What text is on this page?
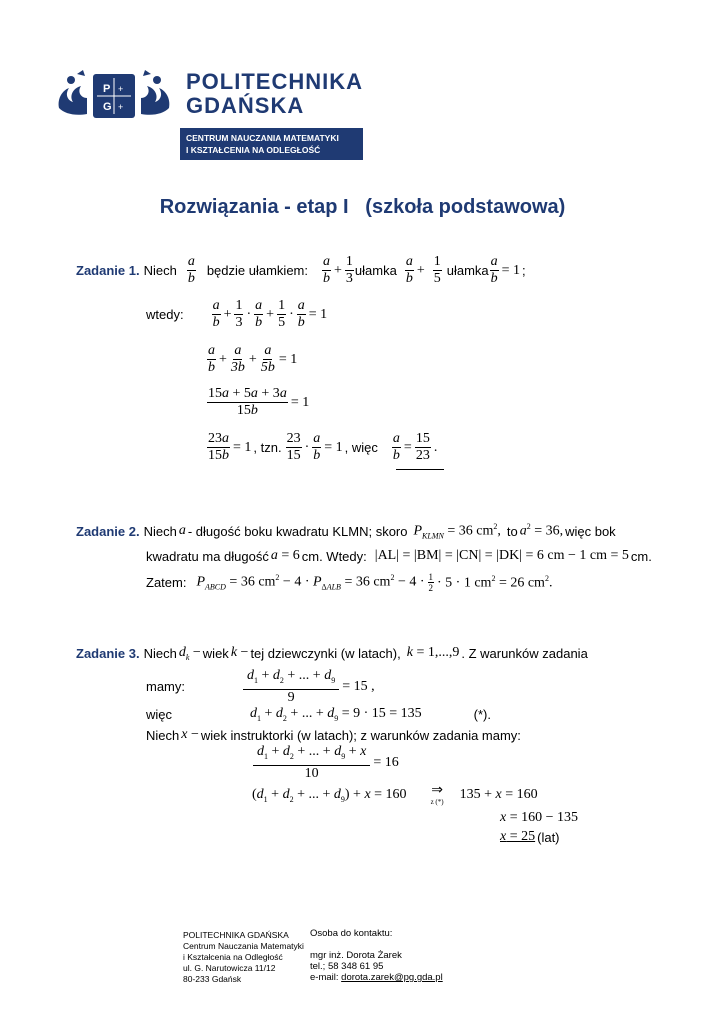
P
G
+
+
POLITECHNIKA
GDAŃSKA
CENTRUM NAUCZANIA MATEMATYKI
I KSZTAŁCENIA NA ODLEGŁOŚĆ
Rozwiązania - etap I   (szkoła podstawowa)
Zadanie 1. Niech $\frac{a}{b}$ będzie ułamkiem: $\frac{a}{b} + \frac{1}{3}$ ułamka $\frac{a}{b} + \frac{1}{5}$ ułamka $\frac{a}{b} = 1$ ;
wtedy: $\frac{a}{b} + \frac{1}{3} \cdot \frac{a}{b} + \frac{1}{5} \cdot \frac{a}{b} = 1$
$\frac{a}{b} + \frac{a}{3b} + \frac{a}{5b} = 1$
$\frac{15a + 5a + 3a}{15b} = 1$
$\frac{23a}{15b} = 1$ , tzn. $\frac{23}{15} \cdot \frac{a}{b} = 1$ , więc $\frac{a}{b} = \frac{15}{23}$ .
Zadanie 2. Niech a - długość boku kwadratu KLMN; skoro $P_{KLMN} = 36$ $cm^2$, to $a^2 = 36$, więc bok
kwadratu ma długość a = 6 cm. Wtedy: |AL| = |BM| = |CN| = |DK| = 6 cm − 1 cm = 5 cm.
Zatem: $P_{ABCD} = 36$ $cm^2 - 4 \cdot P_{\Delta ALB} = 36$ $cm^2 - 4 \cdot \frac{1}{2} \cdot 5 \cdot 1$ $cm^2 = 26$ $cm^2$.
Zadanie 3. Niech $d_k$ − wiek k − tej dziewczynki (w latach), k = 1,...,9 . Z warunków zadania
mamy:	$\frac{d_1 + d_2 + ... + d_9}{9} = 15$ ,
więc	$d_1 + d_2$ + ... + $d_9 = 9 \cdot 15 = 135$	(*).
Niech x − wiek instruktorki (w latach); z warunków zadania mamy:
$\frac{d_1 + d_2 + ... + d_9 + x}{10} = 16$
($d_1 + d_2$ + ... + $d_9) + x = 160$ ⇒
z (*) 135 + x = 160
x = 160 − 135
x = 25 (lat)
POLITECHNIKA GDAŃSKA
Centrum Nauczania Matematyki
i Kształcenia na Odległość
ul. G. Narutowicza 11/12
80-233 Gdańsk
Osoba do kontaktu:
mgr inż. Dorota Żarek
tel.; 58 348 61 95
e-mail: dorota.zarek@pg.gda.pl
